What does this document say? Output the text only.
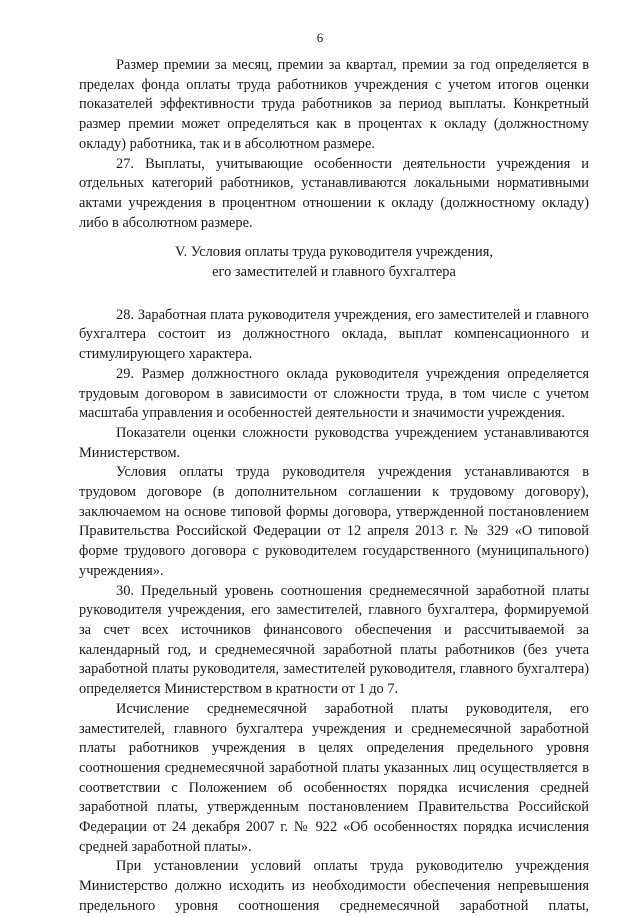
6

Размер премии за месяц, премии за квартал, премии за год определяется в пределах фонда оплаты труда работников учреждения с учетом итогов оценки показателей эффективности труда работников за период выплаты. Конкретный размер премии может определяться как в процентах к окладу (должностному окладу) работника, так и в абсолютном размере.

27. Выплаты, учитывающие особенности деятельности учреждения и отдельных категорий работников, устанавливаются локальными нормативными актами учреждения в процентном отношении к окладу (должностному окладу) либо в абсолютном размере.

V. Условия оплаты труда руководителя учреждения,

его заместителей и главного бухгалтера

28. Заработная плата руководителя учреждения, его заместителей и главного бухгалтера состоит из должностного оклада, выплат компенсационного и стимулирующего характера.

29. Размер должностного оклада руководителя учреждения определяется трудовым договором в зависимости от сложности труда, в том числе с учетом масштаба управления и особенностей деятельности и значимости учреждения.

Показатели оценки сложности руководства учреждением устанавливаются Министерством.

Условия оплаты труда руководителя учреждения устанавливаются в трудовом договоре (в дополнительном соглашении к трудовому договору), заключаемом на основе типовой формы договора, утвержденной постановлением Правительства Российской Федерации от 12 апреля 2013 г. № 329 «О типовой форме трудового договора с руководителем государственного (муниципального) учреждения».

30. Предельный уровень соотношения среднемесячной заработной платы руководителя учреждения, его заместителей, главного бухгалтера, формируемой за счет всех источников финансового обеспечения и рассчитываемой за календарный год, и среднемесячной заработной платы работников (без учета заработной платы руководителя, заместителей руководителя, главного бухгалтера) определяется Министерством в кратности от 1 до 7.

Исчисление среднемесячной заработной платы руководителя, его заместителей, главного бухгалтера учреждения и среднемесячной заработной платы работников учреждения в целях определения предельного уровня соотношения среднемесячной заработной платы указанных лиц осуществляется в соответствии с Положением об особенностях порядка исчисления средней заработной платы, утвержденным постановлением Правительства Российской Федерации от 24 декабря 2007 г. № 922 «Об особенностях порядка исчисления средней заработной платы».

При установлении условий оплаты труда руководителю учреждения Министерство должно исходить из необходимости обеспечения непревышения предельного уровня соотношения среднемесячной заработной платы,
